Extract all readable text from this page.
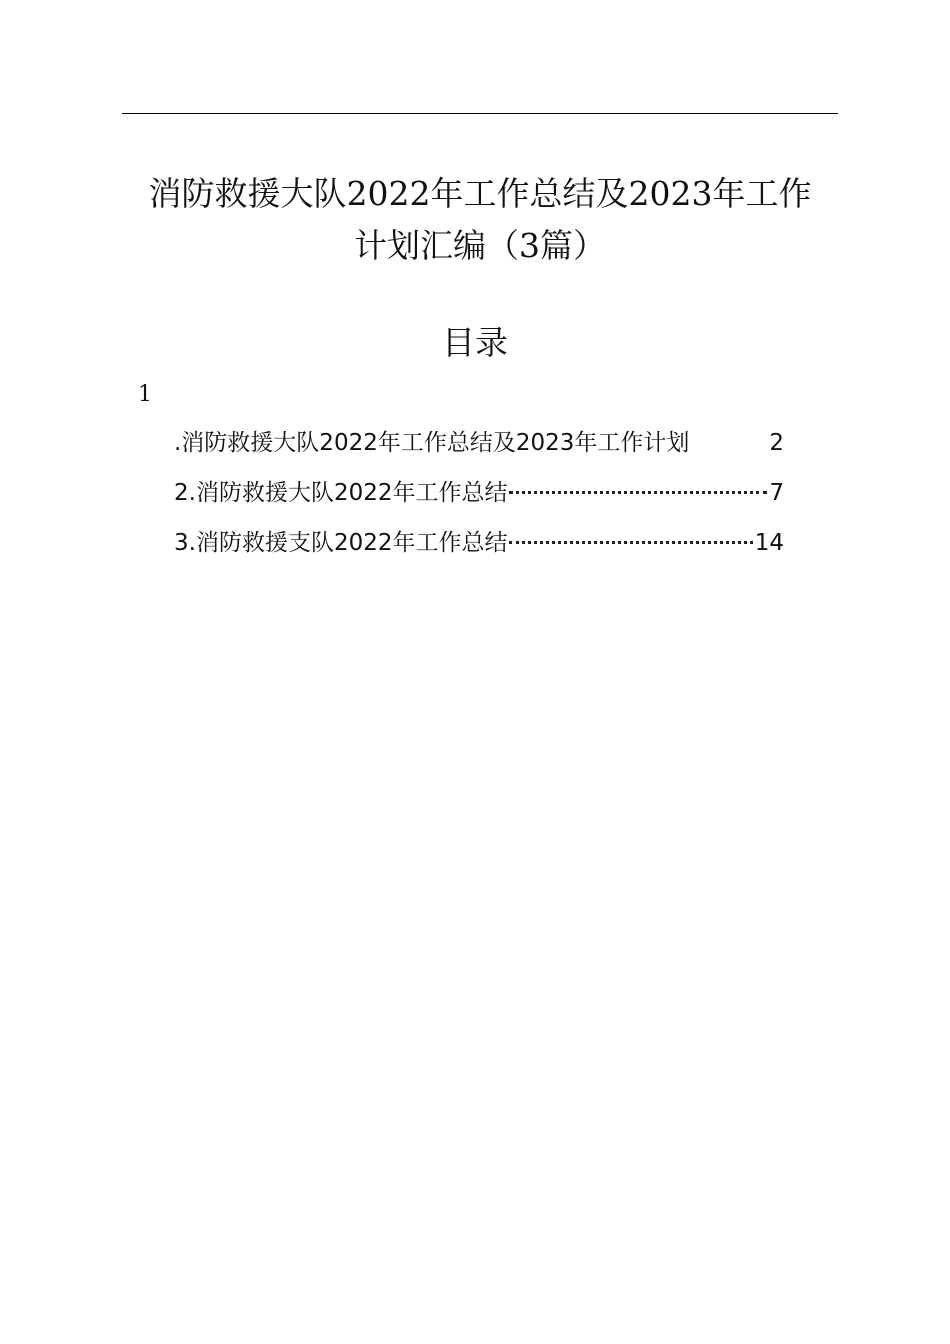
消防救援大队2022年工作总结及2023年工作
计划汇编（3篇）
目录
1
.消防救援大队2022年工作总结及2023年工作计划	2
2.消防救援大队2022年工作总结	7
3.消防救援支队2022年工作总结	14
